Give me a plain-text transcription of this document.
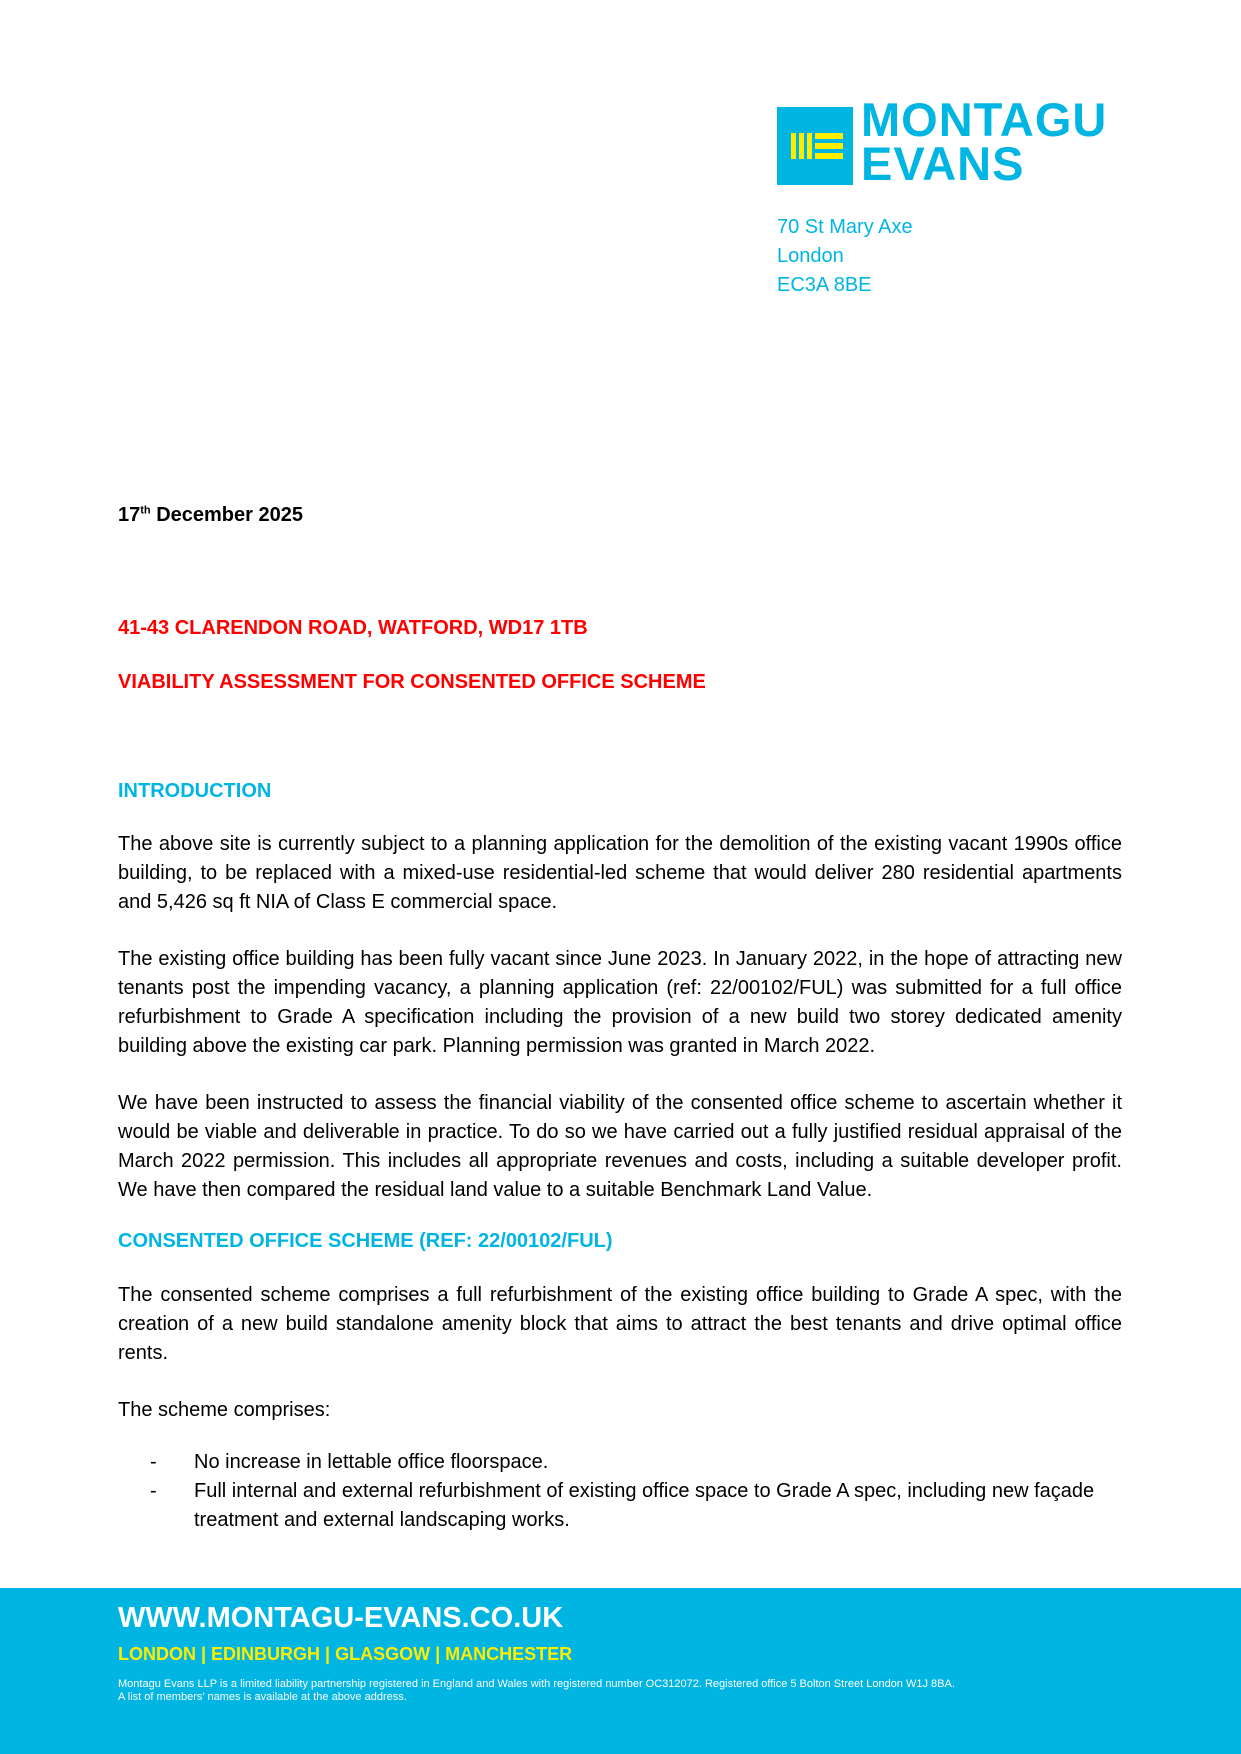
MONTAGU
EVANS
70 St Mary Axe
London
EC3A 8BE
17th December 2025
41-43 CLARENDON ROAD, WATFORD, WD17 1TB
VIABILITY ASSESSMENT FOR CONSENTED OFFICE SCHEME
INTRODUCTION
The above site is currently subject to a planning application for the demolition of the existing vacant 1990s office building, to be replaced with a mixed-use residential-led scheme that would deliver 280 residential apartments and 5,426 sq ft NIA of Class E commercial space.
The existing office building has been fully vacant since June 2023. In January 2022, in the hope of attracting new tenants post the impending vacancy, a planning application (ref: 22/00102/FUL) was submitted for a full office refurbishment to Grade A specification including the provision of a new build two storey dedicated amenity building above the existing car park. Planning permission was granted in March 2022.
We have been instructed to assess the financial viability of the consented office scheme to ascertain whether it would be viable and deliverable in practice. To do so we have carried out a fully justified residual appraisal of the March 2022 permission. This includes all appropriate revenues and costs, including a suitable developer profit. We have then compared the residual land value to a suitable Benchmark Land Value.
CONSENTED OFFICE SCHEME (REF: 22/00102/FUL)
The consented scheme comprises a full refurbishment of the existing office building to Grade A spec, with the creation of a new build standalone amenity block that aims to attract the best tenants and drive optimal office rents.
The scheme comprises:
-	No increase in lettable office floorspace.
-	Full internal and external refurbishment of existing office space to Grade A spec, including new façade treatment and external landscaping works.
WWW.MONTAGU-EVANS.CO.UK
LONDON | EDINBURGH | GLASGOW | MANCHESTER
Montagu Evans LLP is a limited liability partnership registered in England and Wales with registered number OC312072. Registered office 5 Bolton Street London W1J 8BA.
A list of members’ names is available at the above address.
